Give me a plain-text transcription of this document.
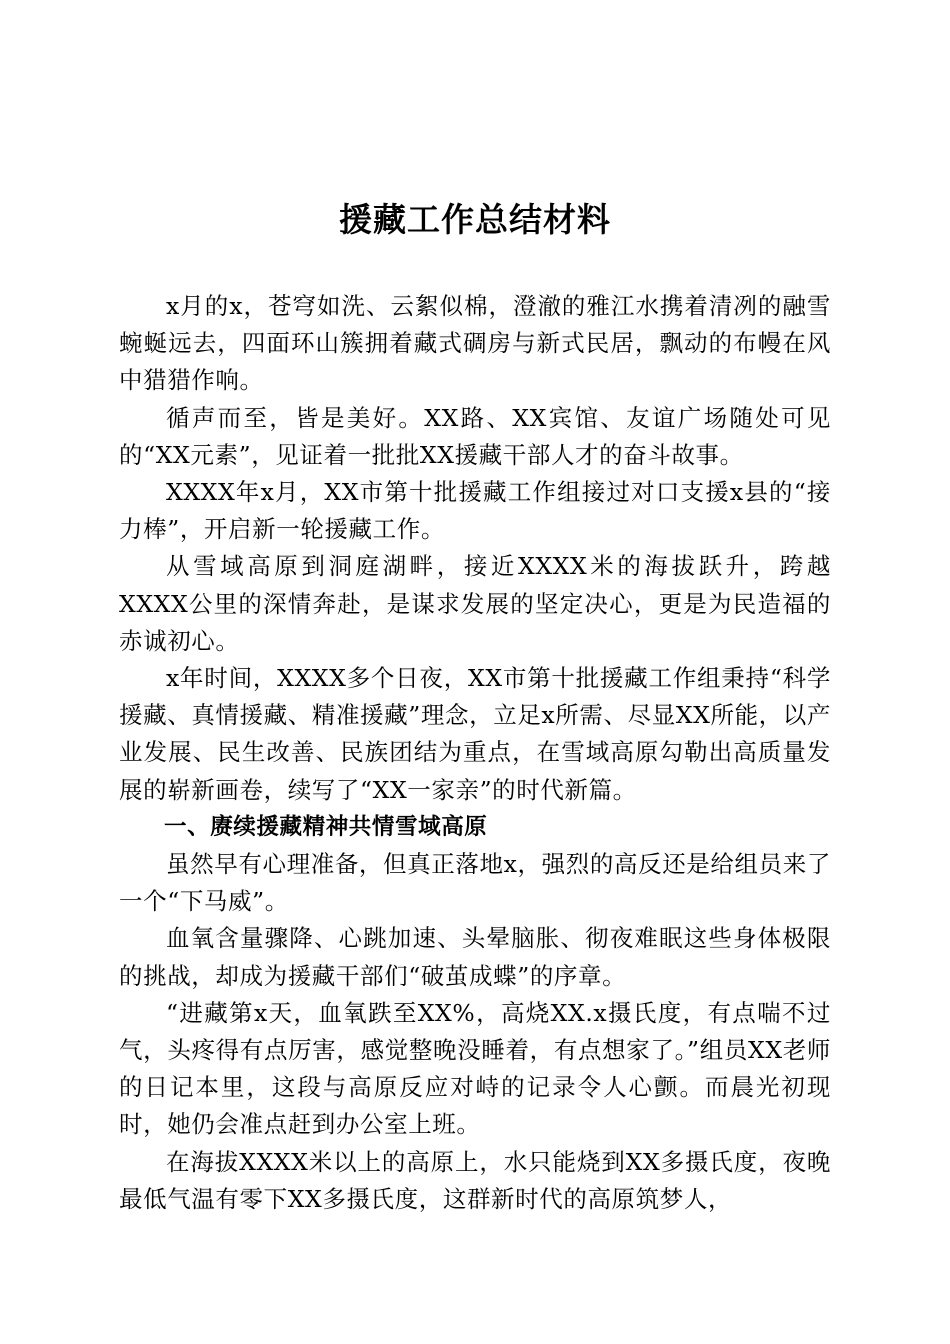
援藏工作总结材料

x月的x，苍穹如洗、云絮似棉，澄澈的雅江水携着清冽的融雪蜿蜒远去，四面环山簇拥着藏式碉房与新式民居，飘动的布幔在风中猎猎作响。

循声而至，皆是美好。XX路、XX宾馆、友谊广场随处可见的“XX元素”，见证着一批批XX援藏干部人才的奋斗故事。

XXXX年x月，XX市第十批援藏工作组接过对口支援x县的“接力棒”，开启新一轮援藏工作。

从雪域高原到洞庭湖畔，接近XXXX米的海拔跃升，跨越XXXX公里的深情奔赴，是谋求发展的坚定决心，更是为民造福的赤诚初心。

x年时间，XXXX多个日夜，XX市第十批援藏工作组秉持“科学援藏、真情援藏、精准援藏”理念，立足x所需、尽显XX所能，以产业发展、民生改善、民族团结为重点，在雪域高原勾勒出高质量发展的崭新画卷，续写了“XX一家亲”的时代新篇。

一、赓续援藏精神共情雪域高原

虽然早有心理准备，但真正落地x，强烈的高反还是给组员来了一个“下马威”。

血氧含量骤降、心跳加速、头晕脑胀、彻夜难眠这些身体极限的挑战，却成为援藏干部们“破茧成蝶”的序章。

“进藏第x天，血氧跌至XX%，高烧XX.x摄氏度，有点喘不过气，头疼得有点厉害，感觉整晚没睡着，有点想家了。”组员XX老师的日记本里，这段与高原反应对峙的记录令人心颤。而晨光初现时，她仍会准点赶到办公室上班。

在海拔XXXX米以上的高原上，水只能烧到XX多摄氏度，夜晚最低气温有零下XX多摄氏度，这群新时代的高原筑梦人，
